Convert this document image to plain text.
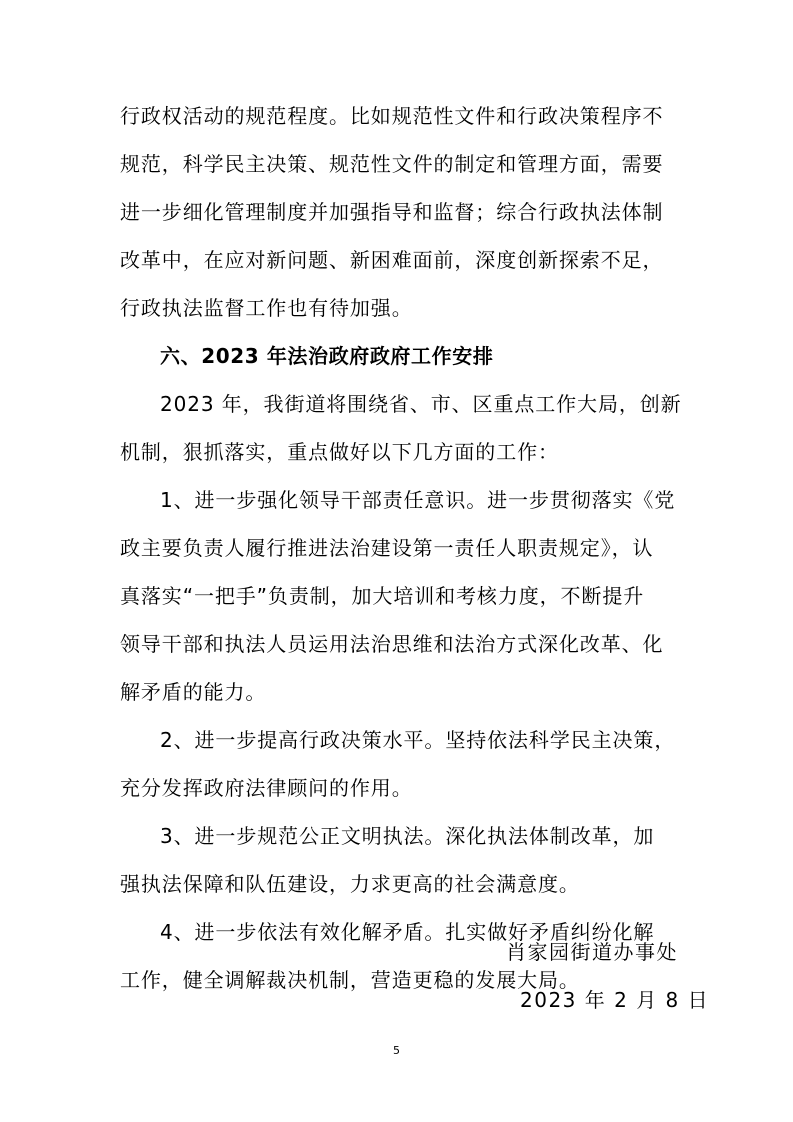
行政权活动的规范程度。比如规范性文件和行政决策程序不
规范，科学民主决策、规范性文件的制定和管理方面，需要
进一步细化管理制度并加强指导和监督；综合行政执法体制
改革中，在应对新问题、新困难面前，深度创新探索不足，
行政执法监督工作也有待加强。
六、2023 年法治政府政府工作安排
2023 年，我街道将围绕省、市、区重点工作大局，创新
机制，狠抓落实，重点做好以下几方面的工作：
1、进一步强化领导干部责任意识。进一步贯彻落实《党
政主要负责人履行推进法治建设第一责任人职责规定》，认
真落实“一把手”负责制，加大培训和考核力度，不断提升
领导干部和执法人员运用法治思维和法治方式深化改革、化
解矛盾的能力。
2、进一步提高行政决策水平。坚持依法科学民主决策，
充分发挥政府法律顾问的作用。
3、进一步规范公正文明执法。深化执法体制改革，加
强执法保障和队伍建设，力求更高的社会满意度。
4、进一步依法有效化解矛盾。扎实做好矛盾纠纷化解
工作，健全调解裁决机制，营造更稳的发展大局。
5
肖家园街道办事处
2023 年 2 月 8 日
